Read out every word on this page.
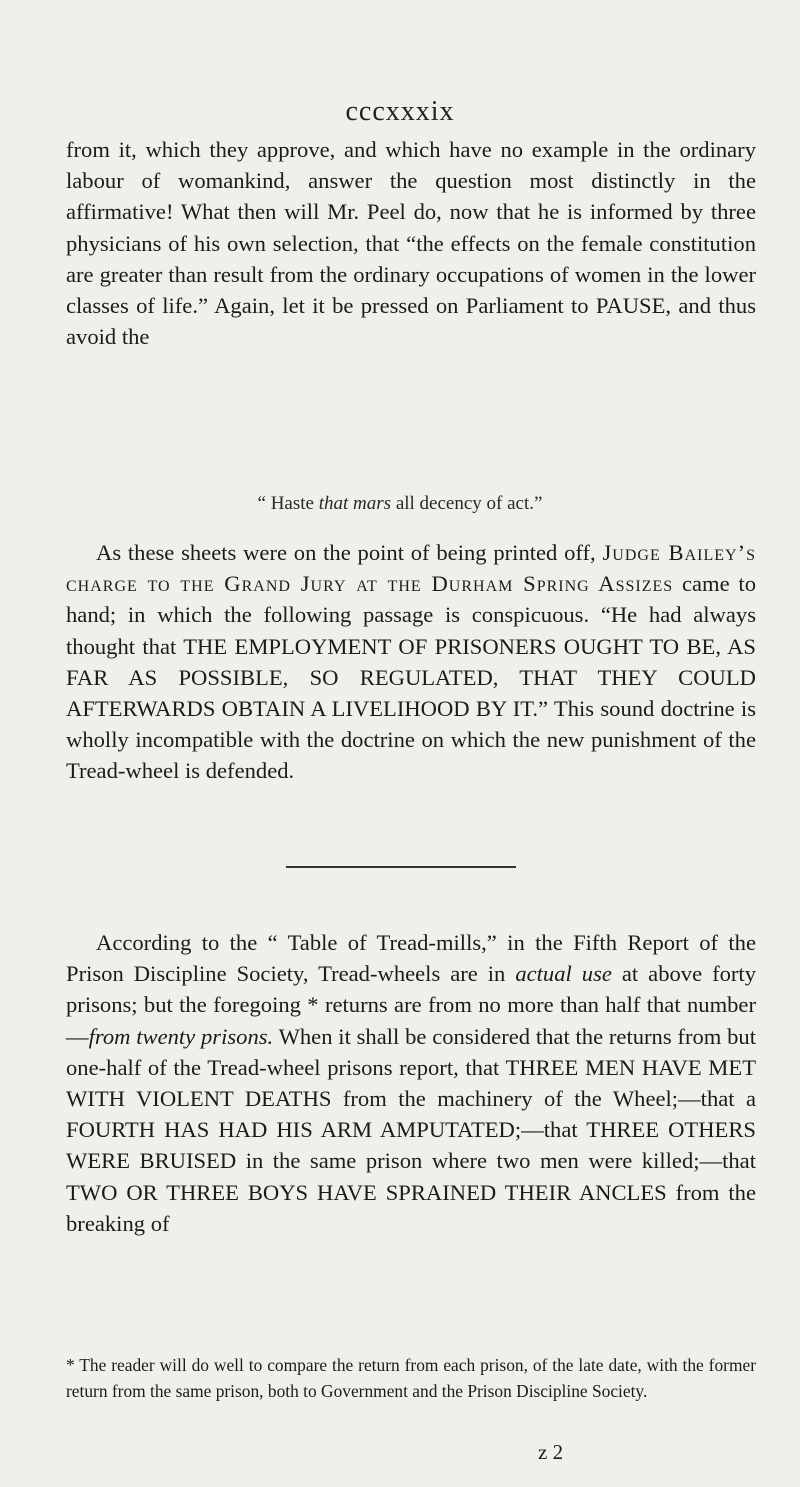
cccxxxix

from it, which they approve, and which have no example in the ordinary labour of womankind, answer the question most distinctly in the affirmative! What then will Mr. Peel do, now that he is informed by three physicians of his own selection, that “the effects on the female constitution are greater than result from the ordinary occupations of women in the lower classes of life.” Again, let it be pressed on Parliament to PAUSE, and thus avoid the

“ Haste that mars all decency of act.”

As these sheets were on the point of being printed off, Judge Bailey’s charge to the Grand Jury at the Durham Spring Assizes came to hand; in which the following passage is conspicuous. “He had always thought that THE EMPLOYMENT OF PRISONERS OUGHT TO BE, AS FAR AS POSSIBLE, SO REGULATED, THAT THEY COULD AFTERWARDS OBTAIN A LIVELIHOOD BY IT.” This sound doctrine is wholly incompatible with the doctrine on which the new punishment of the Tread-wheel is defended.

According to the “ Table of Tread-mills,” in the Fifth Report of the Prison Discipline Society, Tread-wheels are in actual use at above forty prisons; but the foregoing * returns are from no more than half that number—from twenty prisons. When it shall be considered that the returns from but one-half of the Tread-wheel prisons report, that THREE MEN HAVE MET WITH VIOLENT DEATHS from the machinery of the Wheel;—that a FOURTH HAS HAD HIS ARM AMPUTATED;—that THREE OTHERS WERE BRUISED in the same prison where two men were killed;—that TWO OR THREE BOYS HAVE SPRAINED THEIR ANCLES from the breaking of

* The reader will do well to compare the return from each prison, of the late date, with the former return from the same prison, both to Government and the Prison Discipline Society.

z 2
